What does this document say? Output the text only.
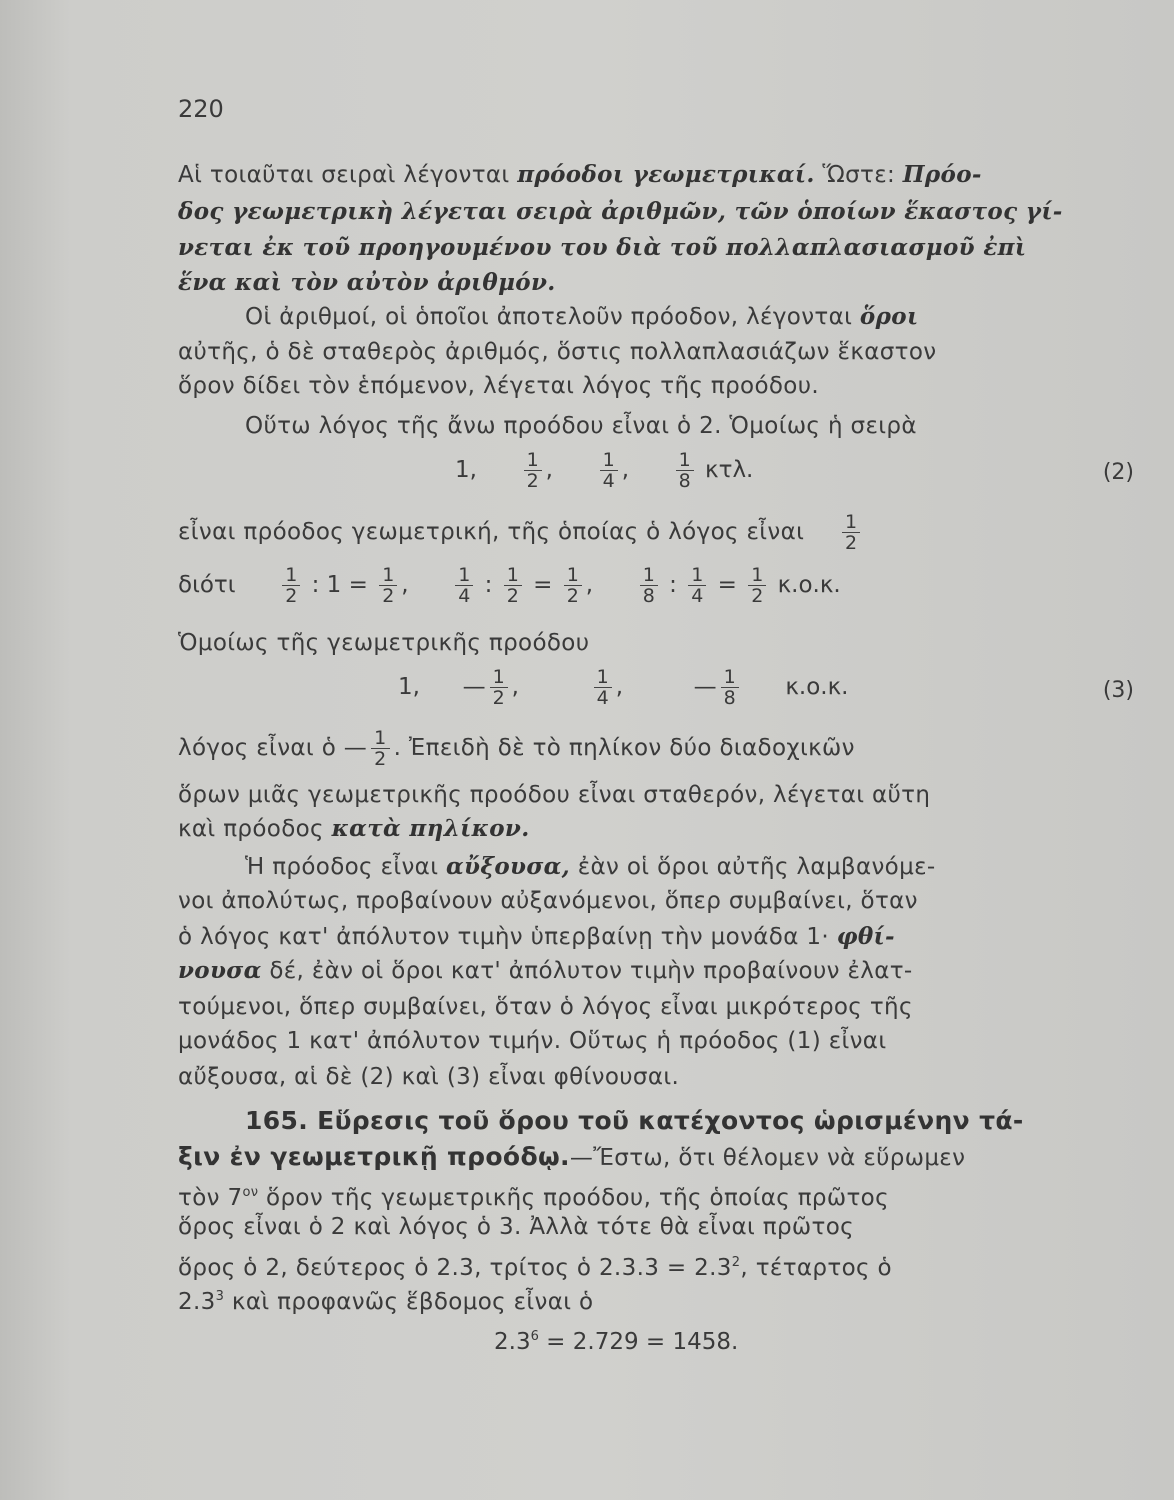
220
Αἱ τοιαῦται σειραὶ λέγονται πρόοδοι γεωμετρικαί. Ὥστε: Πρόο-
δος γεωμετρικὴ λέγεται σειρὰ ἀριθμῶν, τῶν ὁποίων ἕκαστος γί-
νεται ἐκ τοῦ προηγουμένου του διὰ τοῦ πολλαπλασιασμοῦ ἐπὶ
ἕνα καὶ τὸν αὐτὸν ἀριθμόν.
Οἱ ἀριθμοί, οἱ ὁποῖοι ἀποτελοῦν πρόοδον, λέγονται ὅροι
αὐτῆς, ὁ δὲ σταθερὸς ἀριθμός, ὅστις πολλαπλασιάζων ἕκαστον
ὅρον δίδει τὸν ἑπόμενον, λέγεται λόγος τῆς προόδου.
Οὕτω λόγος τῆς ἄνω προόδου εἶναι ὁ 2. Ὁμοίως ἡ σειρὰ
1, $\frac{1}{2}$ , $\frac{1}{4}$ , $\frac{1}{8} \kappa\tau\lambda$.	(2)
εἶναι πρόοδος γεωμετρική, τῆς ὁποίας ὁ λόγος εἶναι $\frac{1}{2}$
διότι $\frac{1}{2}$ : $1 = \frac{1}{2}$ , $\frac{1}{4}$ : $\frac{1}{2} = \frac{1}{2}$ , $\frac{1}{8}$ : $\frac{1}{4} = \frac{1}{2} \kappa.o.\kappa$.
Ὁμοίως τῆς γεωμετρικῆς προόδου
1, — $\frac{1}{2}$ ,	$\frac{1}{4}$ ,	— $\frac{1}{8} \kappa.o.\kappa$.	(3)
λόγος εἶναι ὁ — $\frac{1}{2}$ . Ἐπειδὴ δὲ τὸ πηλίκον δύο διαδοχικῶν
ὅρων μιᾶς γεωμετρικῆς προόδου εἶναι σταθερόν, λέγεται αὕτη
καὶ πρόοδος κατὰ πηλίκον.
Ἡ πρόοδος εἶναι αὔξουσα, ἐὰν οἱ ὅροι αὐτῆς λαμβανόμε-
νοι ἀπολύτως, προβαίνουν αὐξανόμενοι, ὅπερ συμβαίνει, ὅταν
ὁ λόγος κατ' ἀπόλυτον τιμὴν ὑπερβαίνῃ τὴν μονάδα 1· φθί-
νουσα δέ, ἐὰν οἱ ὅροι κατ' ἀπόλυτον τιμὴν προβαίνουν ἐλατ-
τούμενοι, ὅπερ συμβαίνει, ὅταν ὁ λόγος εἶναι μικρότερος τῆς
μονάδος 1 κατ' ἀπόλυτον τιμήν. Οὕτως ἡ πρόοδος (1) εἶναι
αὔξουσα, αἱ δὲ (2) καὶ (3) εἶναι φθίνουσαι.
165. Εὕρεσις τοῦ ὅρου τοῦ κατέχοντος ὡρισμένην τά-
ξιν ἐν γεωμετρικῇ προόδῳ.—Ἔστω, ὅτι θέλομεν νὰ εὕρωμεν
τὸν $7^{o\nu}$ ὅρον τῆς γεωμετρικῆς προόδου, τῆς ὁποίας πρῶτος
ὅρος εἶναι ὁ 2 καὶ λόγος ὁ 3. Ἀλλὰ τότε θὰ εἶναι πρῶτος
ὅρος ὁ 2, δεύτερος ὁ 2.3, τρίτος ὁ $2.3.3 = 2.3^2$, τέταρτος ὁ
$2.3^3$ καὶ προφανῶς ἕβδομος εἶναι ὁ
$2.3^6 = 2.729 = 1458$.
